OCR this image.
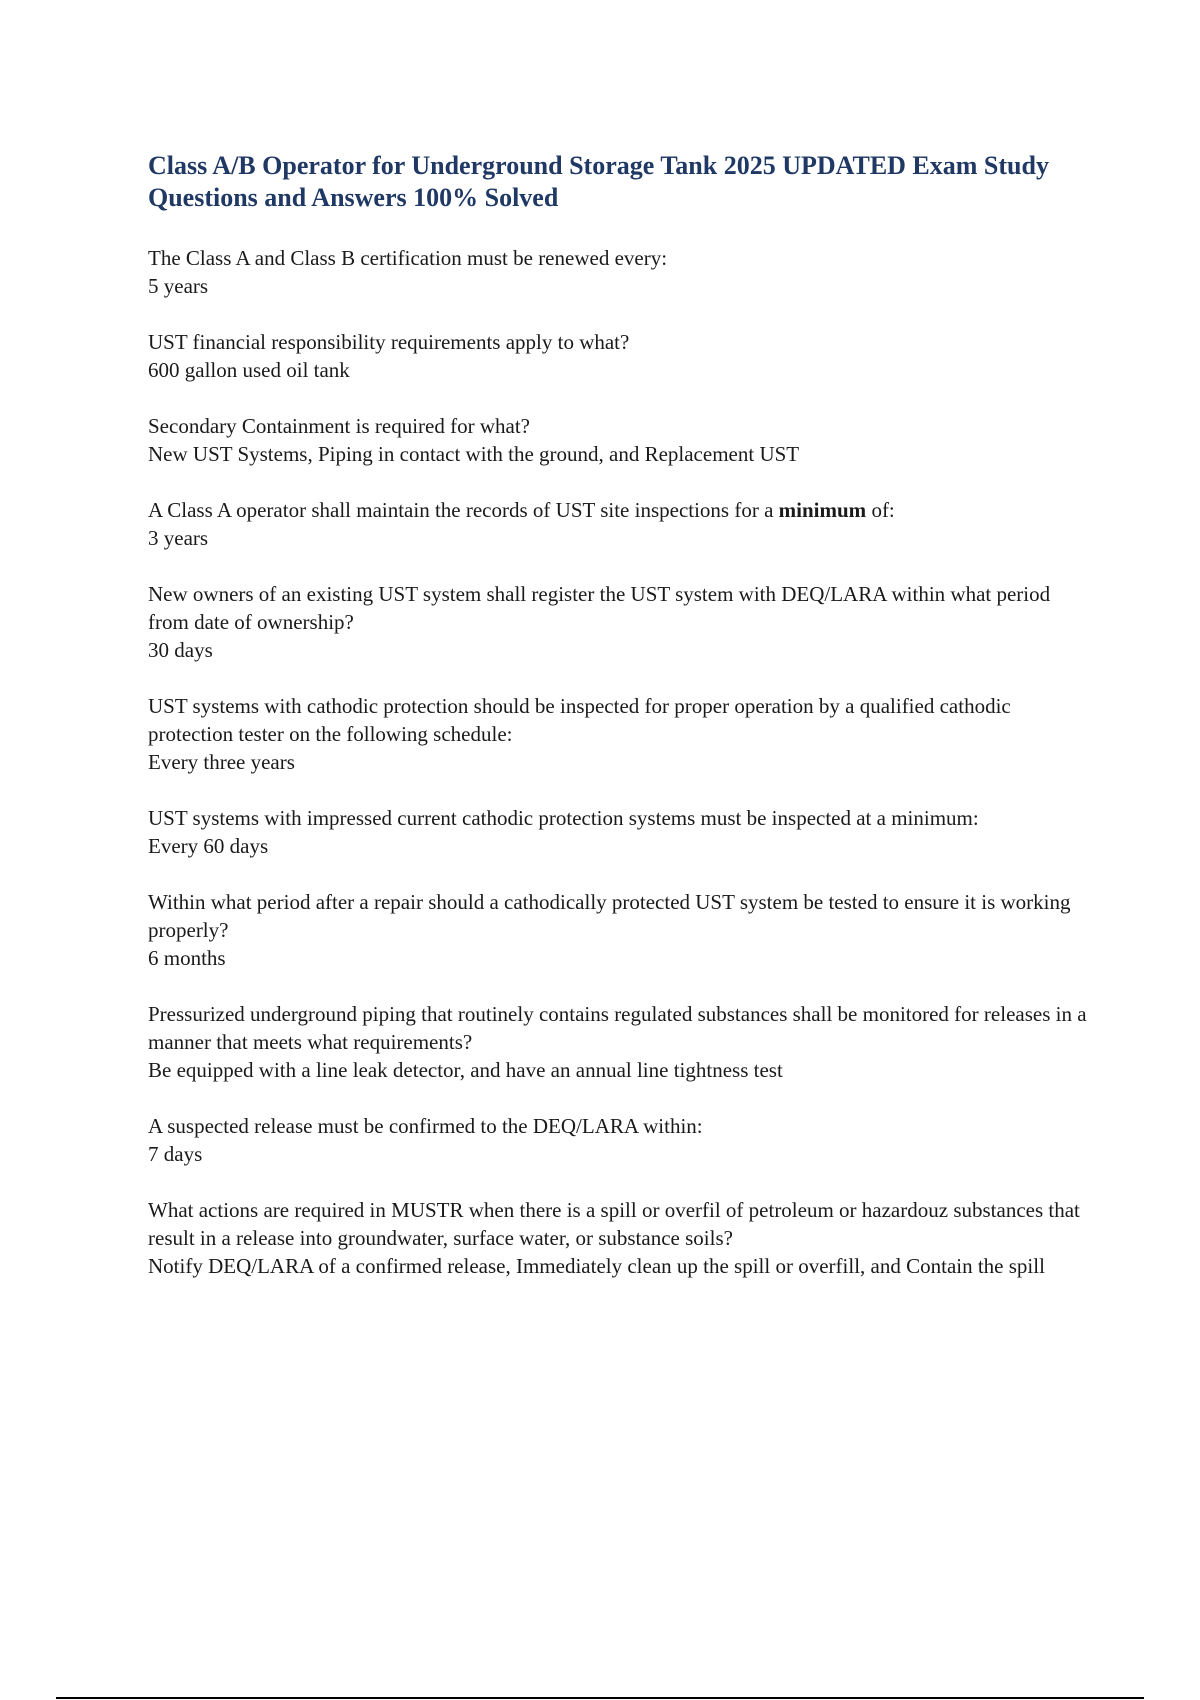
Class A/B Operator for Underground Storage Tank 2025 UPDATED Exam Study Questions and Answers 100% Solved
The Class A and Class B certification must be renewed every:
5 years
UST financial responsibility requirements apply to what?
600 gallon used oil tank
Secondary Containment is required for what?
New UST Systems, Piping in contact with the ground, and Replacement UST
A Class A operator shall maintain the records of UST site inspections for a minimum of:
3 years
New owners of an existing UST system shall register the UST system with DEQ/LARA within what period from date of ownership?
30 days
UST systems with cathodic protection should be inspected for proper operation by a qualified cathodic protection tester on the following schedule:
Every three years
UST systems with impressed current cathodic protection systems must be inspected at a minimum:
Every 60 days
Within what period after a repair should a cathodically protected UST system be tested to ensure it is working properly?
6 months
Pressurized underground piping that routinely contains regulated substances shall be monitored for releases in a manner that meets what requirements?
Be equipped with a line leak detector, and have an annual line tightness test
A suspected release must be confirmed to the DEQ/LARA within:
7 days
What actions are required in MUSTR when there is a spill or overfil of petroleum or hazardouz substances that result in a release into groundwater, surface water, or substance soils?
Notify DEQ/LARA of a confirmed release, Immediately clean up the spill or overfill, and Contain the spill
